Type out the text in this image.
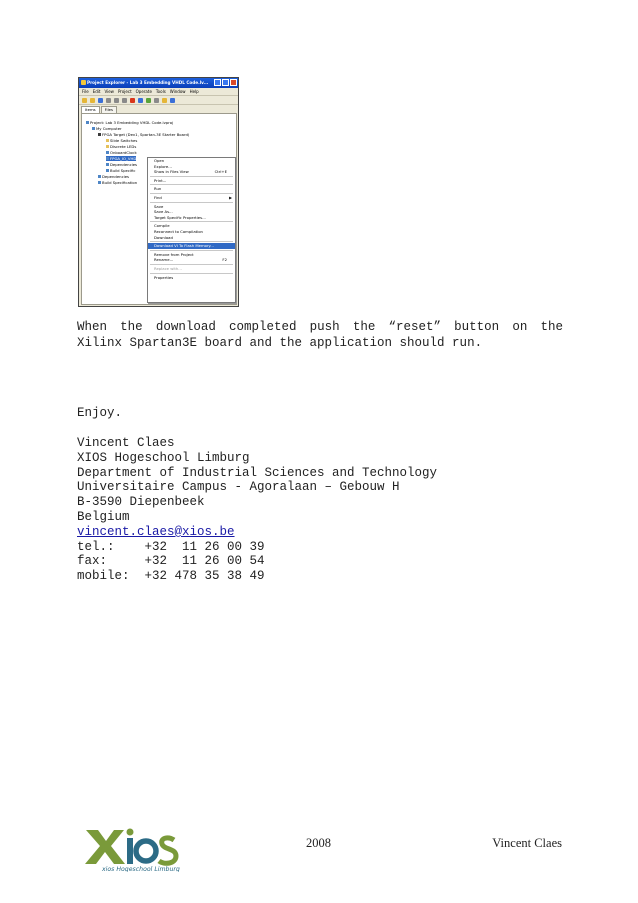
Project Explorer - Lab 3 Embedding VHDL Code.lv...
File Edit View Project Operate Tools Window Help
Items	Files
Project: Lab 3 Embedding VHDL Code.lvproj
My Computer
FPGA Target (Dev1, Spartan-3E Starter Board)
Slide Switches
Discrete LEDs
OnboardClock
FPGA_IO_VHD
Dependencies
Build Specific
Dependencies
Build Specification
Open
Explore...
Show in Files View	Ctrl+E
Print...
Run
Find	▶
Save
Save As...
Target Specific Properties...
Compile
Reconnect to Compilation
Download
Download VI To Flash Memory...
Remove from Project
Rename...	F2
Replace with...
Properties
When the download completed push the “reset” button on the Xilinx Spartan3E board and the application should run.
Enjoy.
Vincent Claes
XIOS Hogeschool Limburg
Department of Industrial Sciences and Technology
Universitaire Campus - Agoralaan – Gebouw H
B-3590 Diepenbeek
Belgium
vincent.claes@xios.be
tel.:    +32  11 26 00 39
fax:     +32  11 26 00 54
mobile:  +32 478 35 38 49
xios Hogeschool Limburg
2008	Vincent Claes
